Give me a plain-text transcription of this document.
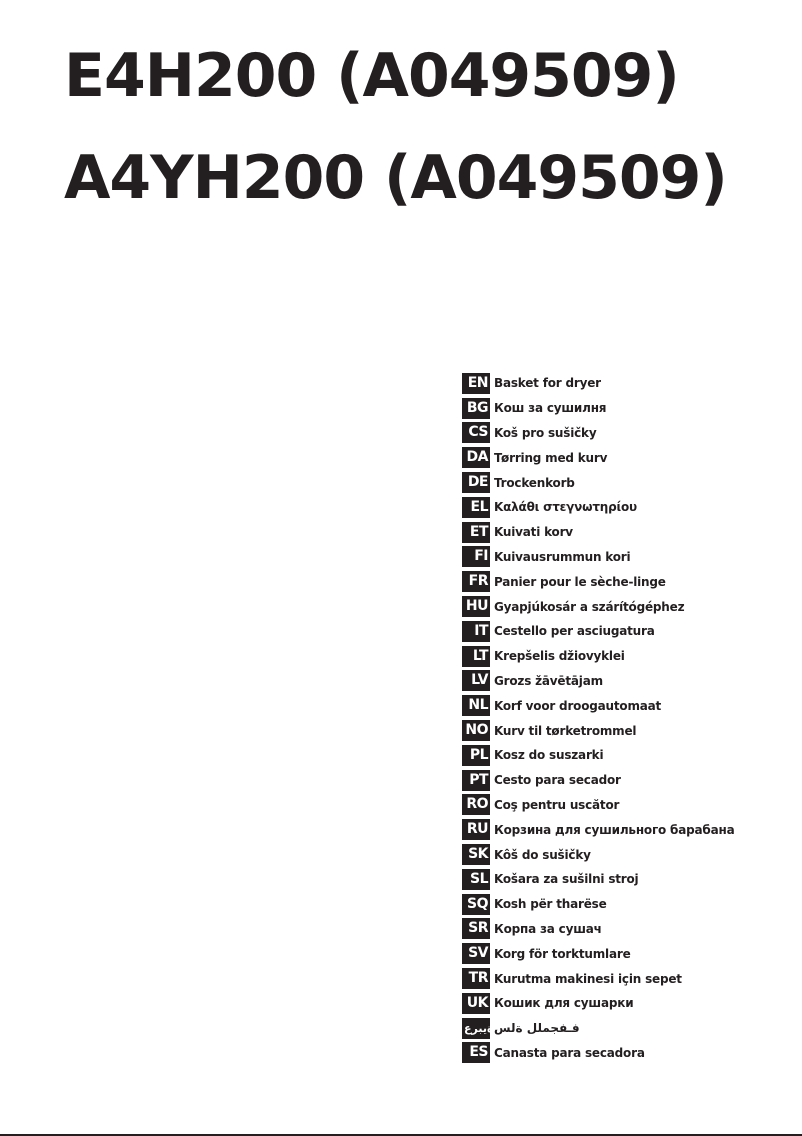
E4H200 (A049509)
A4YH200 (A049509)
EN Basket for dryer
BG Кош за сушилня
CS Koš pro sušičky
DA Tørring med kurv
DE Trockenkorb
EL Καλάθι στεγνωτηρίου
ET Kuivati korv
FI Kuivausrummun kori
FR Panier pour le sèche-linge
HU Gyapjúkosár a szárítógéphez
IT Cestello per asciugatura
LT Krepšelis džiovyklei
LV Grozs žāvētājam
NL Korf voor droogautomaat
NO Kurv til tørketrommel
PL Kosz do suszarki
PT Cesto para secador
RO Coş pentru uscător
RU Корзина для сушильного барабана
SK Kôš do sušičky
SL Košara za sušilni stroj
SQ Kosh për tharëse
SR Корпа за сушач
SV Korg för torktumlare
TR Kurutma makinesi için sepet
UK Кошик для сушарки
ةيبرع فـفجملل ةلس
ES Canasta para secadora
